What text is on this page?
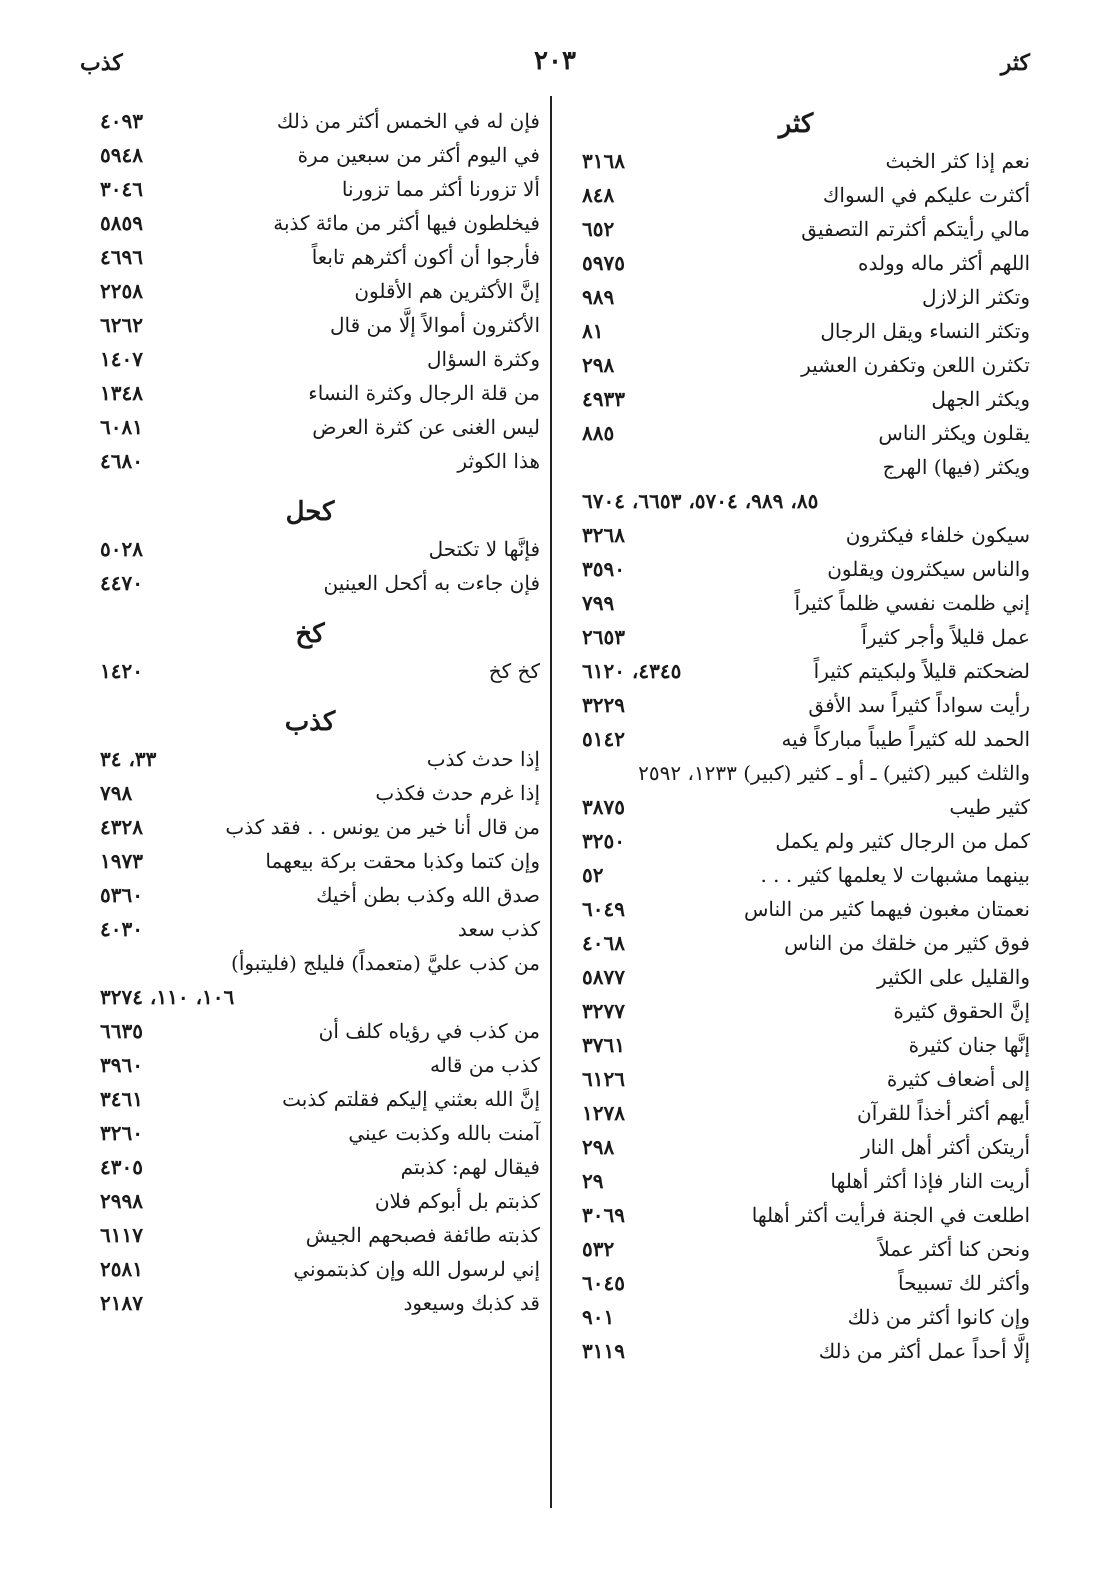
كثر
٢٠٣
كذب
كثر
نعم إذا كثر الخبث
٣١٦٨
أكثرت عليكم في السواك
٨٤٨
مالي رأيتكم أكثرتم التصفيق
٦٥٢
اللهم أكثر ماله وولده
٥٩٧٥
وتكثر الزلازل
٩٨٩
وتكثر النساء ويقل الرجال
٨١
تكثرن اللعن وتكفرن العشير
٢٩٨
ويكثر الجهل
٤٩٣٣
يقلون ويكثر الناس
٨٨٥
ويكثر (فيها) الهرج
٨٥، ٩٨٩، ٥٧٠٤، ٦٦٥٣، ٦٧٠٤
سيكون خلفاء فيكثرون
٣٢٦٨
والناس سيكثرون ويقلون
٣٥٩٠
إني ظلمت نفسي ظلماً كثيراً
٧٩٩
عمل قليلاً وأجر كثيراً
٢٦٥٣
لضحكتم قليلاً ولبكيتم كثيراً
٤٣٤٥، ٦١٢٠
رأيت سواداً كثيراً سد الأفق
٣٢٢٩
الحمد لله كثيراً طيباً مباركاً فيه
٥١٤٢
والثلث كبير (كثير) ـ أو ـ كثير (كبير) ١٢٣٣، ٢٥٩٢
كثير طيب
٣٨٧٥
كمل من الرجال كثير ولم يكمل
٣٢٥٠
بينهما مشبهات لا يعلمها كثير . . .
٥٢
نعمتان مغبون فيهما كثير من الناس
٦٠٤٩
فوق كثير من خلقك من الناس
٤٠٦٨
والقليل على الكثير
٥٨٧٧
إنَّ الحقوق كثيرة
٣٢٧٧
إنَّها جنان كثيرة
٣٧٦١
إلى أضعاف كثيرة
٦١٢٦
أيهم أكثر أخذاً للقرآن
١٢٧٨
أريتكن أكثر أهل النار
٢٩٨
أريت النار فإذا أكثر أهلها
٢٩
اطلعت في الجنة فرأيت أكثر أهلها
٣٠٦٩
ونحن كنا أكثر عملاً
٥٣٢
وأكثر لك تسبيحاً
٦٠٤٥
وإن كانوا أكثر من ذلك
٩٠١
إلَّا أحداً عمل أكثر من ذلك
٣١١٩
فإن له في الخمس أكثر من ذلك
٤٠٩٣
في اليوم أكثر من سبعين مرة
٥٩٤٨
ألا تزورنا أكثر مما تزورنا
٣٠٤٦
فيخلطون فيها أكثر من مائة كذبة
٥٨٥٩
فأرجوا أن أكون أكثرهم تابعاً
٤٦٩٦
إنَّ الأكثرين هم الأقلون
٢٢٥٨
الأكثرون أموالاً إلَّا من قال
٦٢٦٢
وكثرة السؤال
١٤٠٧
من قلة الرجال وكثرة النساء
١٣٤٨
ليس الغنى عن كثرة العرض
٦٠٨١
هذا الكوثر
٤٦٨٠
كحل
فإنَّها لا تكتحل
٥٠٢٨
فإن جاءت به أكحل العينين
٤٤٧٠
كخ
كخ كخ
١٤٢٠
كذب
إذا حدث كذب
٣٣، ٣٤
إذا غرم حدث فكذب
٧٩٨
من قال أنا خير من يونس . . فقد كذب
٤٣٢٨
وإن كتما وكذبا محقت بركة بيعهما
١٩٧٣
صدق الله وكذب بطن أخيك
٥٣٦٠
كذب سعد
٤٠٣٠
من كذب عليَّ (متعمداً) فليلج (فليتبوأ)
١٠٦، ١١٠، ٣٢٧٤
من كذب في رؤياه كلف أن
٦٦٣٥
كذب من قاله
٣٩٦٠
إنَّ الله بعثني إليكم فقلتم كذبت
٣٤٦١
آمنت بالله وكذبت عيني
٣٢٦٠
فيقال لهم: كذبتم
٤٣٠٥
كذبتم بل أبوكم فلان
٢٩٩٨
كذبته طائفة فصبحهم الجيش
٦١١٧
إني لرسول الله وإن كذبتموني
٢٥٨١
قد كذبك وسيعود
٢١٨٧
